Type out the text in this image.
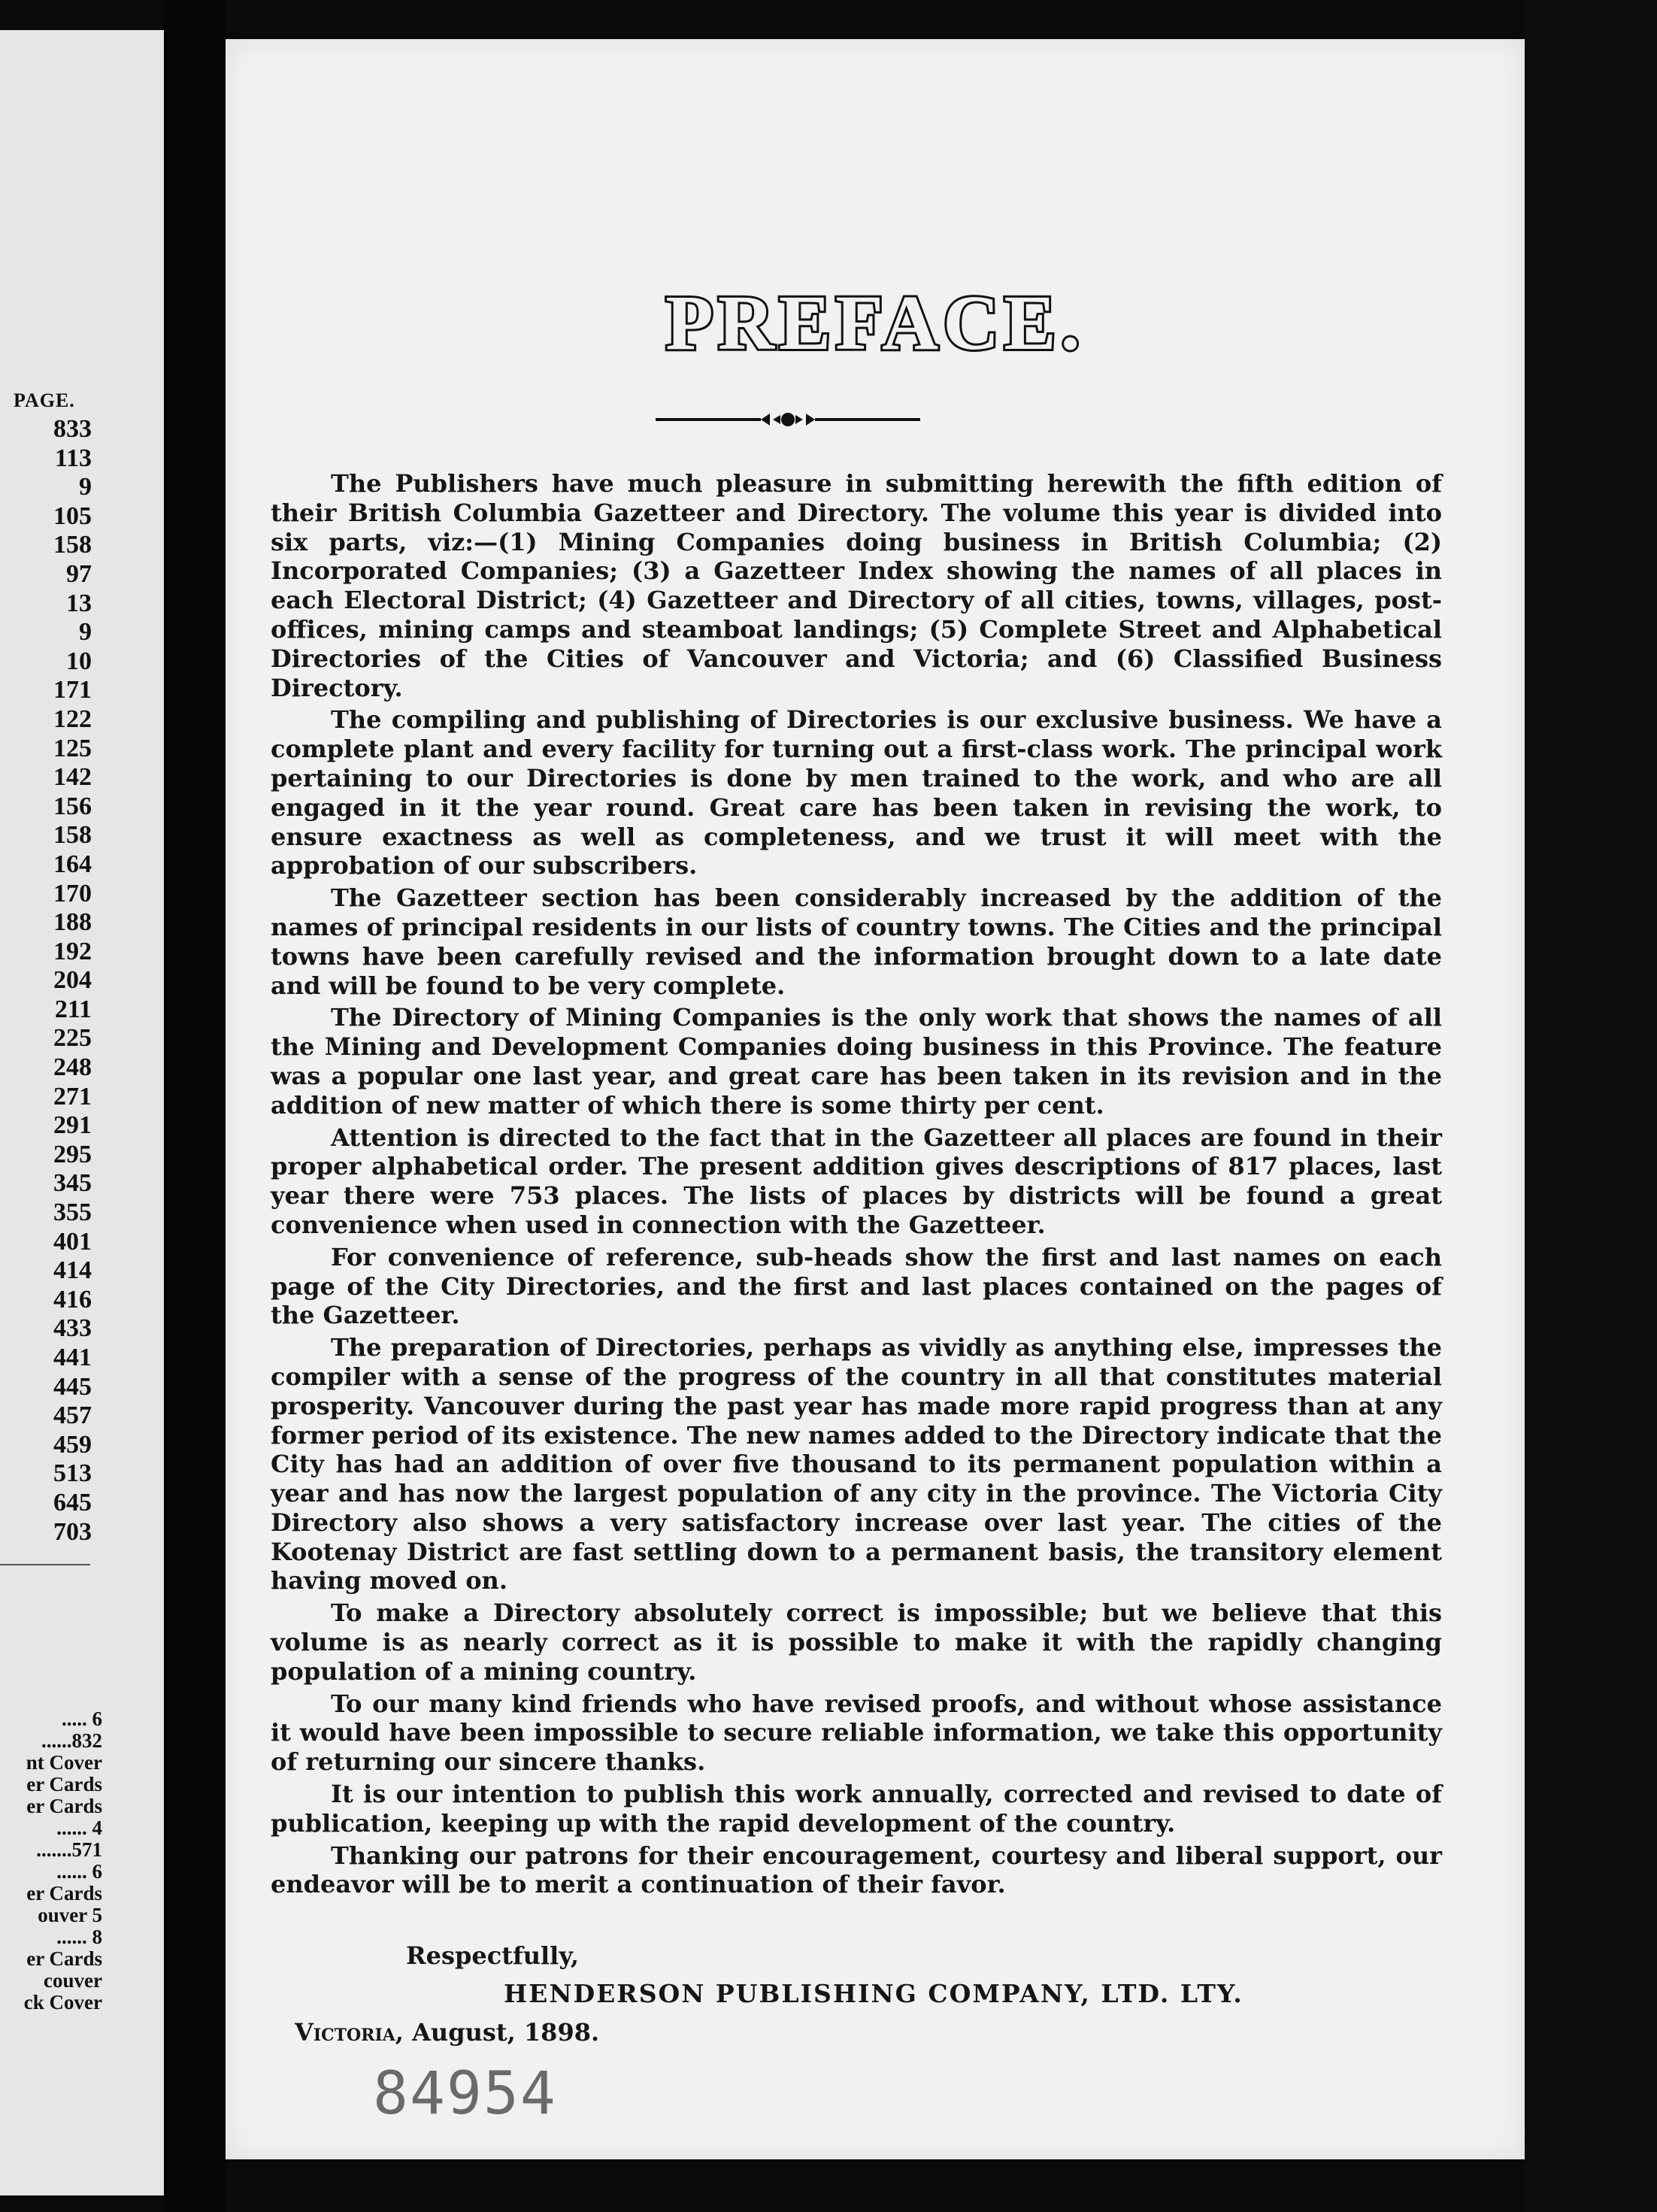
PAGE.
833
113
9
105
158
97
13
9
10
171
122
125
142
156
158
164
170
188
192
204
211
225
248
271
291
295
345
355
401
414
416
433
441
445
457
459
513
645
703
..... 6
......832
nt Cover
er Cards
er Cards
...... 4
.......571
...... 6
er Cards
ouver 5
...... 8
er Cards
couver
ck Cover
PREFACE.

The Publishers have much pleasure in submitting herewith the fifth edition of their British Columbia Gazetteer and Directory. The volume this year is divided into six parts, viz:—(1) Mining Companies doing business in British Columbia; (2) Incorporated Companies; (3) a Gazetteer Index showing the names of all places in each Electoral District; (4) Gazetteer and Directory of all cities, towns, villages, post-offices, mining camps and steamboat landings; (5) Complete Street and Alphabetical Directories of the Cities of Vancouver and Victoria; and (6) Classified Business Directory.

The compiling and publishing of Directories is our exclusive business. We have a complete plant and every facility for turning out a first-class work. The principal work pertaining to our Directories is done by men trained to the work, and who are all engaged in it the year round. Great care has been taken in revising the work, to ensure exactness as well as completeness, and we trust it will meet with the approbation of our subscribers.

The Gazetteer section has been considerably increased by the addition of the names of principal residents in our lists of country towns. The Cities and the principal towns have been carefully revised and the information brought down to a late date and will be found to be very complete.

The Directory of Mining Companies is the only work that shows the names of all the Mining and Development Companies doing business in this Province. The feature was a popular one last year, and great care has been taken in its revision and in the addition of new matter of which there is some thirty per cent.

Attention is directed to the fact that in the Gazetteer all places are found in their proper alphabetical order. The present addition gives descriptions of 817 places, last year there were 753 places. The lists of places by districts will be found a great convenience when used in connection with the Gazetteer.

For convenience of reference, sub-heads show the first and last names on each page of the City Directories, and the first and last places contained on the pages of the Gazetteer.

The preparation of Directories, perhaps as vividly as anything else, impresses the compiler with a sense of the progress of the country in all that constitutes material prosperity. Vancouver during the past year has made more rapid progress than at any former period of its existence. The new names added to the Directory indicate that the City has had an addition of over five thousand to its permanent population within a year and has now the largest population of any city in the province. The Victoria City Directory also shows a very satisfactory increase over last year. The cities of the Kootenay District are fast settling down to a permanent basis, the transitory element having moved on.

To make a Directory absolutely correct is impossible; but we believe that this volume is as nearly correct as it is possible to make it with the rapidly changing population of a mining country.

To our many kind friends who have revised proofs, and without whose assistance it would have been impossible to secure reliable information, we take this opportunity of returning our sincere thanks.

It is our intention to publish this work annually, corrected and revised to date of publication, keeping up with the rapid development of the country.

Thanking our patrons for their encouragement, courtesy and liberal support, our endeavor will be to merit a continuation of their favor.

Respectfully,
HENDERSON PUBLISHING COMPANY, LTD. LTY.
Victoria, August, 1898.
84954
